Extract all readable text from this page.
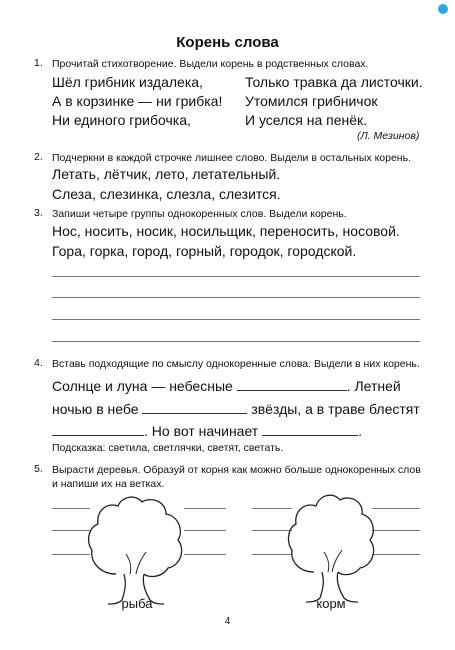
Корень слова
1. Прочитай стихотворение. Выдели корень в родственных словах.
Шёл грибник издалека,
А в корзинке — ни грибка!
Ни единого грибочка,
Только травка да листочки.
Утомился грибничок
И уселся на пенёк.
(Л. Мезинов)
2. Подчеркни в каждой строчке лишнее слово. Выдели в остальных корень.
Летать, лётчик, лето, летательный.
Слеза, слезинка, слезла, слезится.
3. Запиши четыре группы однокоренных слов. Выдели корень.
Нос, носить, носик, носильщик, переносить, носовой.
Гора, горка, город, горный, городок, городской.
4. Вставь подходящие по смыслу однокоренные слова. Выдели в них корень.
Солнце и луна — небесные	. Летней
ночью в небе	звёзды, а в траве блестят
. Но вот начинает	.
Подсказка: светила, светлячки, светят, светать.
5. Вырасти деревья. Образуй от корня как можно больше однокоренных слов
и напиши их на ветках.
рыба	корм
4
